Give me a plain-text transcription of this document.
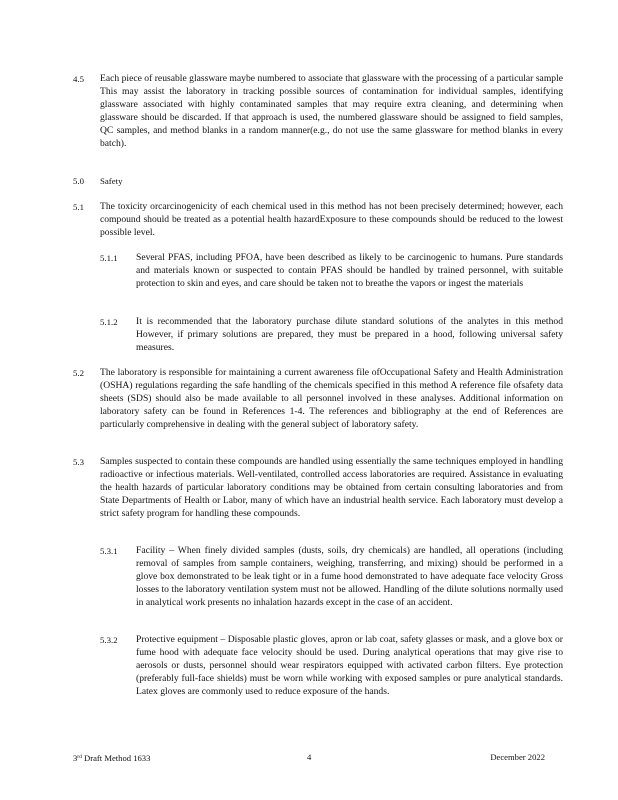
4.5 Each piece of reusable glassware maybe numbered to associate that glassware with the processing of a particular sample This may assist the laboratory in tracking possible sources of contamination for individual samples, identifying glassware associated with highly contaminated samples that may require extra cleaning, and determining when glassware should be discarded. If that approach is used, the numbered glassware should be assigned to field samples, QC samples, and method blanks in a random manner(e.g., do not use the same glassware for method blanks in every batch).
5.0 Safety
5.1 The toxicity orcarcinogenicity of each chemical used in this method has not been precisely determined; however, each compound should be treated as a potential health hazardExposure to these compounds should be reduced to the lowest possible level.
5.1.1 Several PFAS, including PFOA, have been described as likely to be carcinogenic to humans. Pure standards and materials known or suspected to contain PFAS should be handled by trained personnel, with suitable protection to skin and eyes, and care should be taken not to breathe the vapors or ingest the materials
5.1.2 It is recommended that the laboratory purchase dilute standard solutions of the analytes in this method However, if primary solutions are prepared, they must be prepared in a hood, following universal safety measures.
5.2 The laboratory is responsible for maintaining a current awareness file ofOccupational Safety and Health Administration (OSHA) regulations regarding the safe handling of the chemicals specified in this method A reference file ofsafety data sheets (SDS) should also be made available to all personnel involved in these analyses. Additional information on laboratory safety can be found in References 1-4. The references and bibliography at the end of References are particularly comprehensive in dealing with the general subject of laboratory safety.
5.3 Samples suspected to contain these compounds are handled using essentially the same techniques employed in handling radioactive or infectious materials. Well-ventilated, controlled access laboratories are required. Assistance in evaluating the health hazards of particular laboratory conditions may be obtained from certain consulting laboratories and from State Departments of Health or Labor, many of which have an industrial health service. Each laboratory must develop a strict safety program for handling these compounds.
5.3.1 Facility – When finely divided samples (dusts, soils, dry chemicals) are handled, all operations (including removal of samples from sample containers, weighing, transferring, and mixing) should be performed in a glove box demonstrated to be leak tight or in a fume hood demonstrated to have adequate face velocity Gross losses to the laboratory ventilation system must not be allowed. Handling of the dilute solutions normally used in analytical work presents no inhalation hazards except in the case of an accident.
5.3.2 Protective equipment – Disposable plastic gloves, apron or lab coat, safety glasses or mask, and a glove box or fume hood with adequate face velocity should be used. During analytical operations that may give rise to aerosols or dusts, personnel should wear respirators equipped with activated carbon filters. Eye protection (preferably full-face shields) must be worn while working with exposed samples or pure analytical standards. Latex gloves are commonly used to reduce exposure of the hands.
3rd Draft Method 1633	4	December 2022
